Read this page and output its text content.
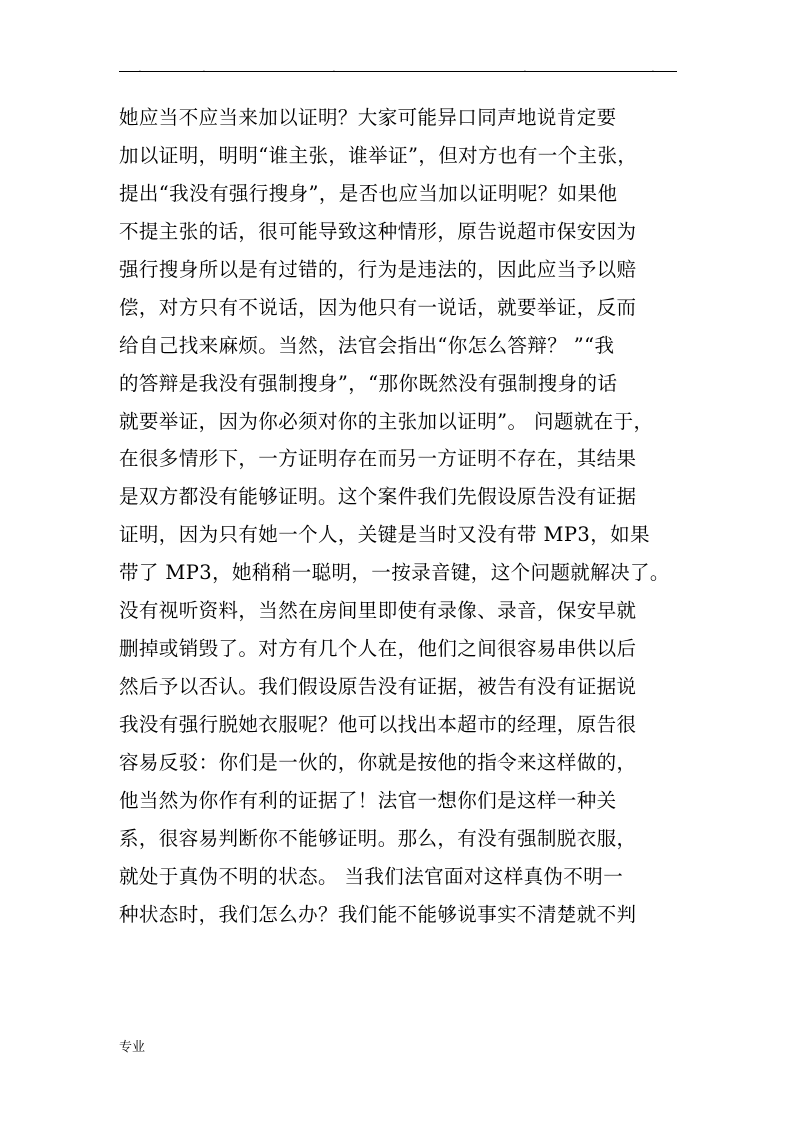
.	.	.	.	.
她应当不应当来加以证明？大家可能异口同声地说肯定要
加以证明，明明“谁主张，谁举证”，但对方也有一个主张，
提出“我没有强行搜身”，是否也应当加以证明呢？如果他
不提主张的话，很可能导致这种情形，原告说超市保安因为
强行搜身所以是有过错的，行为是违法的，因此应当予以赔
偿，对方只有不说话，因为他只有一说话，就要举证，反而
给自己找来麻烦。当然，法官会指出“你怎么答辩？ ”“我
的答辩是我没有强制搜身”，“那你既然没有强制搜身的话
就要举证，因为你必须对你的主张加以证明”。 问题就在于，
在很多情形下，一方证明存在而另一方证明不存在，其结果
是双方都没有能够证明。这个案件我们先假设原告没有证据
证明，因为只有她一个人，关键是当时又没有带 MP3，如果
带了 MP3，她稍稍一聪明，一按录音键，这个问题就解决了。
没有视听资料，当然在房间里即使有录像、录音，保安早就
删掉或销毁了。对方有几个人在，他们之间很容易串供以后
然后予以否认。我们假设原告没有证据，被告有没有证据说
我没有强行脱她衣服呢？他可以找出本超市的经理，原告很
容易反驳：你们是一伙的，你就是按他的指令来这样做的，
他当然为你作有利的证据了！法官一想你们是这样一种关
系，很容易判断你不能够证明。那么，有没有强制脱衣服，
就处于真伪不明的状态。 当我们法官面对这样真伪不明一
种状态时，我们怎么办？我们能不能够说事实不清楚就不判
专业
